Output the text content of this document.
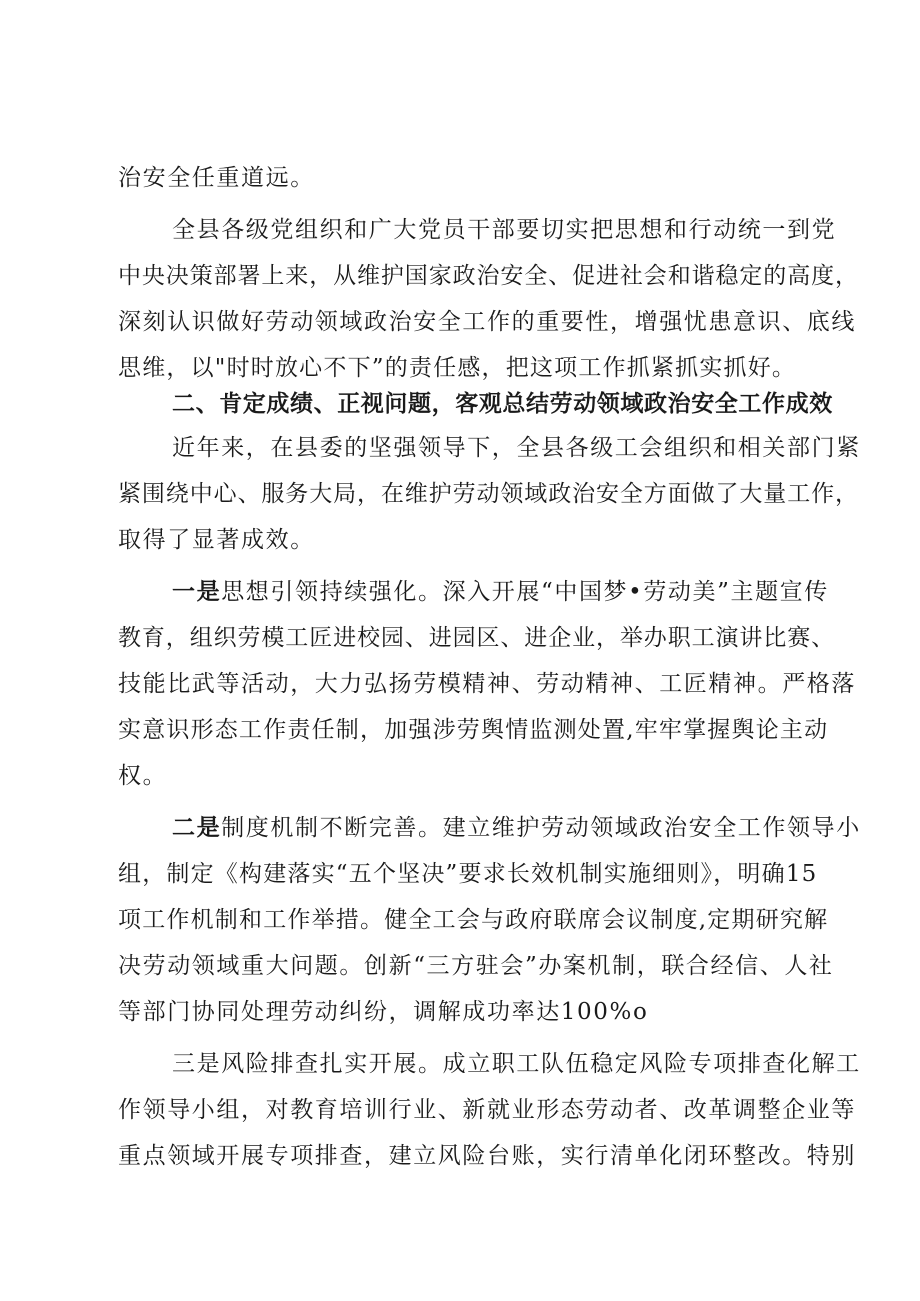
治安全任重道远。
全县各级党组织和广大党员干部要切实把思想和行动统一到党
中央决策部署上来，从维护国家政治安全、促进社会和谐稳定的高度，
深刻认识做好劳动领域政治安全工作的重要性，增强忧患意识、底线
思维，以"时时放心不下”的责任感，把这项工作抓紧抓实抓好。
二、肯定成绩、正视问题，客观总结劳动领域政治安全工作成效
近年来，在县委的坚强领导下，全县各级工会组织和相关部门紧
紧围绕中心、服务大局，在维护劳动领域政治安全方面做了大量工作，
取得了显著成效。
一是思想引领持续强化。深入开展“中国梦•劳动美”主题宣传
教育，组织劳模工匠进校园、进园区、进企业，举办职工演讲比赛、
技能比武等活动，大力弘扬劳模精神、劳动精神、工匠精神。严格落
实意识形态工作责任制，加强涉劳舆情监测处置,牢牢掌握舆论主动
权。
二是制度机制不断完善。建立维护劳动领域政治安全工作领导小
组，制定《构建落实“五个坚决”要求长效机制实施细则》，明确15
项工作机制和工作举措。健全工会与政府联席会议制度,定期研究解
决劳动领域重大问题。创新“三方驻会”办案机制，联合经信、人社
等部门协同处理劳动纠纷，调解成功率达100%o
三是风险排查扎实开展。成立职工队伍稳定风险专项排查化解工
作领导小组，对教育培训行业、新就业形态劳动者、改革调整企业等
重点领域开展专项排查，建立风险台账，实行清单化闭环整改。特别
